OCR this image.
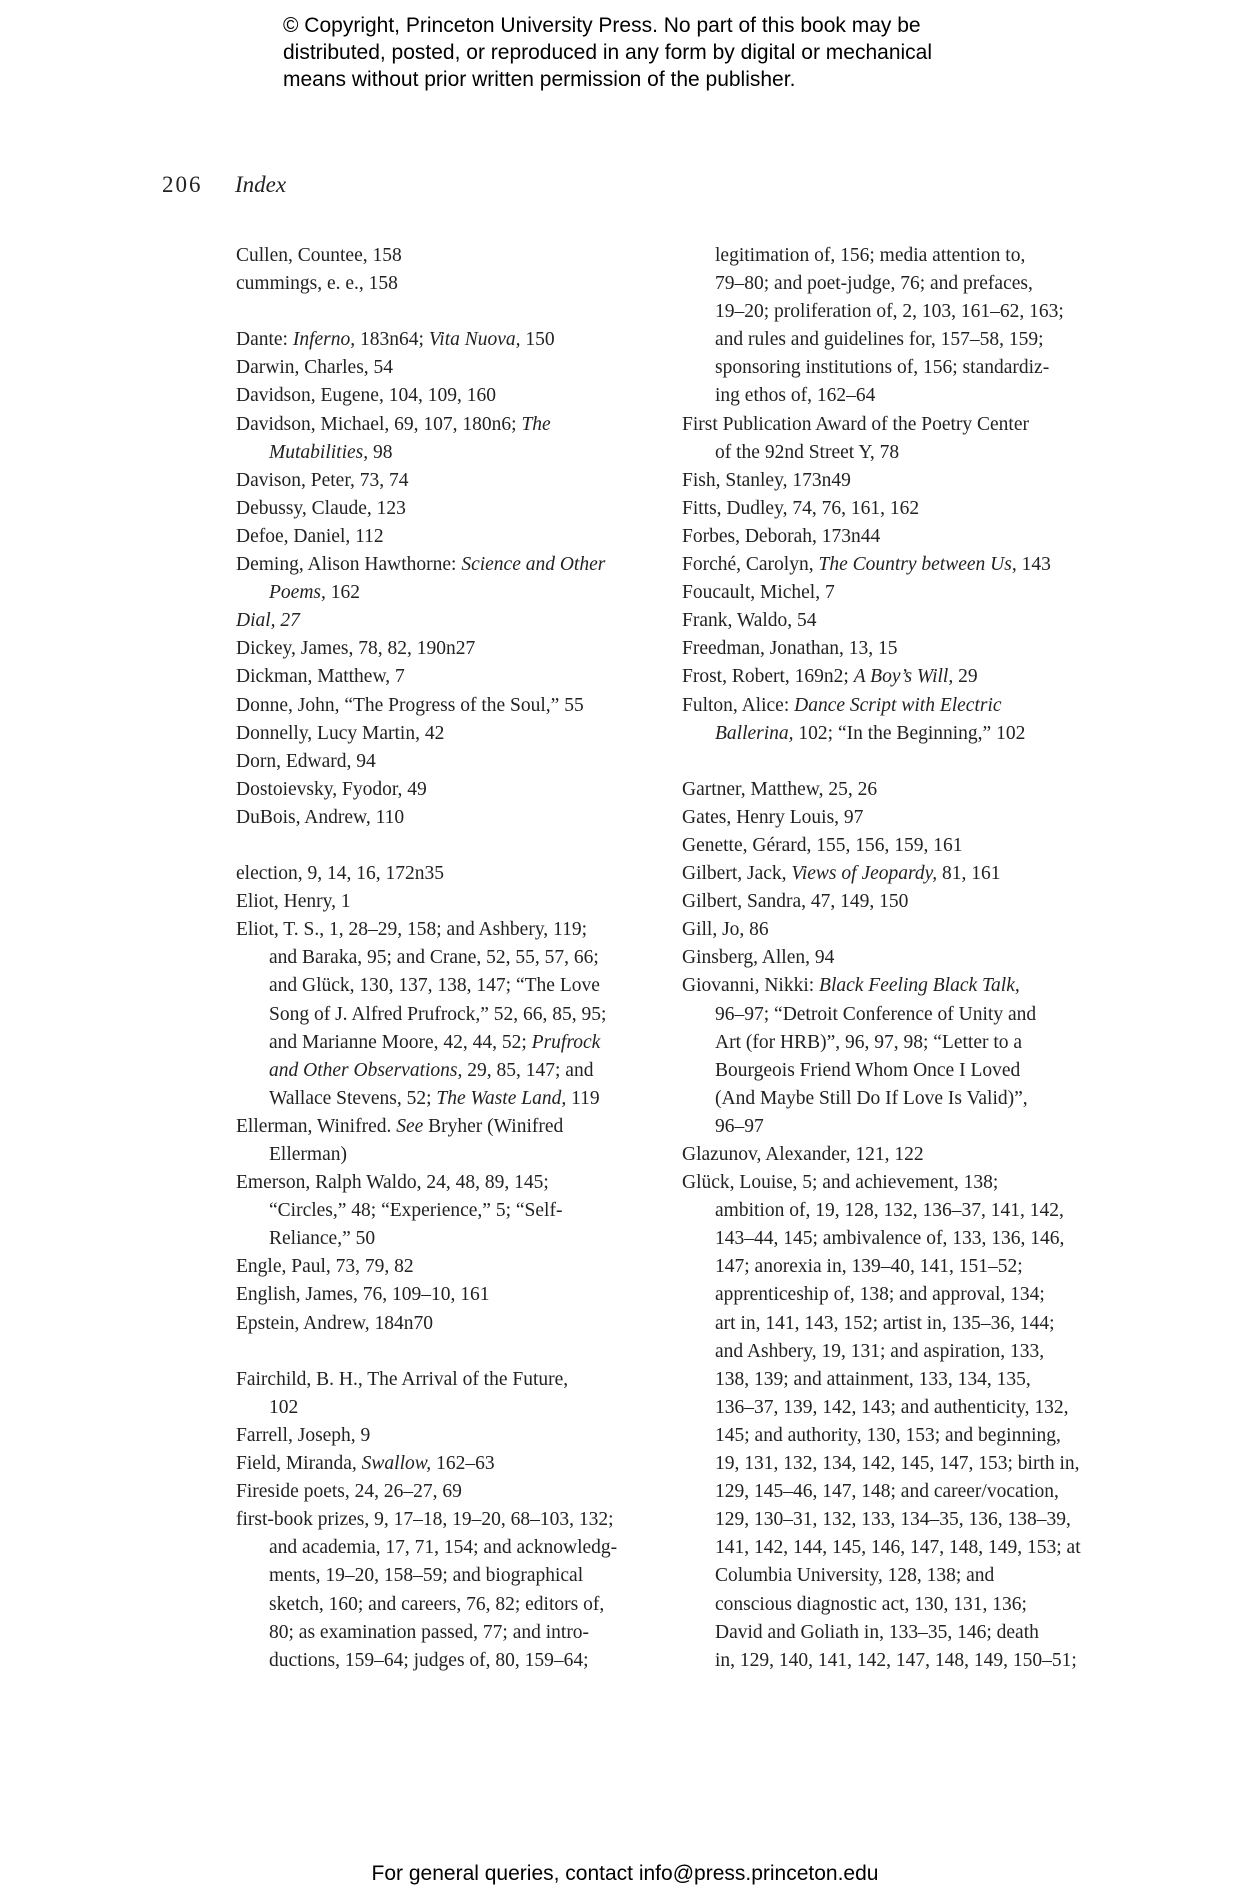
© Copyright, Princeton University Press. No part of this book may be
distributed, posted, or reproduced in any form by digital or mechanical
means without prior written permission of the publisher.
206 Index
Cullen, Countee, 158
cummings, e. e., 158
Dante: Inferno, 183n64; Vita Nuova, 150
Darwin, Charles, 54
Davidson, Eugene, 104, 109, 160
Davidson, Michael, 69, 107, 180n6; The
Mutabilities, 98
Davison, Peter, 73, 74
Debussy, Claude, 123
Defoe, Daniel, 112
Deming, Alison Hawthorne: Science and Other
Poems, 162
Dial, 27
Dickey, James, 78, 82, 190n27
Dickman, Matthew, 7
Donne, John, “The Progress of the Soul,” 55
Donnelly, Lucy Martin, 42
Dorn, Edward, 94
Dostoievsky, Fyodor, 49
DuBois, Andrew, 110
election, 9, 14, 16, 172n35
Eliot, Henry, 1
Eliot, T. S., 1, 28–29, 158; and Ashbery, 119;
and Baraka, 95; and Crane, 52, 55, 57, 66;
and Glück, 130, 137, 138, 147; “The Love
Song of J. Alfred Prufrock,” 52, 66, 85, 95;
and Marianne Moore, 42, 44, 52; Prufrock
and Other Observations, 29, 85, 147; and
Wallace Stevens, 52; The Waste Land, 119
Ellerman, Winifred. See Bryher (Winifred
Ellerman)
Emerson, Ralph Waldo, 24, 48, 89, 145;
“Circles,” 48; “Experience,” 5; “Self-
Reliance,” 50
Engle, Paul, 73, 79, 82
English, James, 76, 109–10, 161
Epstein, Andrew, 184n70
Fairchild, B. H., The Arrival of the Future,
102
Farrell, Joseph, 9
Field, Miranda, Swallow, 162–63
Fireside poets, 24, 26–27, 69
first-book prizes, 9, 17–18, 19–20, 68–103, 132;
and academia, 17, 71, 154; and acknowledg-
ments, 19–20, 158–59; and biographical
sketch, 160; and careers, 76, 82; editors of,
80; as examination passed, 77; and intro-
ductions, 159–64; judges of, 80, 159–64;
legitimation of, 156; media attention to,
79–80; and poet-judge, 76; and prefaces,
19–20; proliferation of, 2, 103, 161–62, 163;
and rules and guidelines for, 157–58, 159;
sponsoring institutions of, 156; standardiz-
ing ethos of, 162–64
First Publication Award of the Poetry Center
of the 92nd Street Y, 78
Fish, Stanley, 173n49
Fitts, Dudley, 74, 76, 161, 162
Forbes, Deborah, 173n44
Forché, Carolyn, The Country between Us, 143
Foucault, Michel, 7
Frank, Waldo, 54
Freedman, Jonathan, 13, 15
Frost, Robert, 169n2; A Boy’s Will, 29
Fulton, Alice: Dance Script with Electric
Ballerina, 102; “In the Beginning,” 102
Gartner, Matthew, 25, 26
Gates, Henry Louis, 97
Genette, Gérard, 155, 156, 159, 161
Gilbert, Jack, Views of Jeopardy, 81, 161
Gilbert, Sandra, 47, 149, 150
Gill, Jo, 86
Ginsberg, Allen, 94
Giovanni, Nikki: Black Feeling Black Talk,
96–97; “Detroit Conference of Unity and
Art (for HRB)”, 96, 97, 98; “Letter to a
Bourgeois Friend Whom Once I Loved
(And Maybe Still Do If Love Is Valid)”,
96–97
Glazunov, Alexander, 121, 122
Glück, Louise, 5; and achievement, 138;
ambition of, 19, 128, 132, 136–37, 141, 142,
143–44, 145; ambivalence of, 133, 136, 146,
147; anorexia in, 139–40, 141, 151–52;
apprenticeship of, 138; and approval, 134;
art in, 141, 143, 152; artist in, 135–36, 144;
and Ashbery, 19, 131; and aspiration, 133,
138, 139; and attainment, 133, 134, 135,
136–37, 139, 142, 143; and authenticity, 132,
145; and authority, 130, 153; and beginning,
19, 131, 132, 134, 142, 145, 147, 153; birth in,
129, 145–46, 147, 148; and career/vocation,
129, 130–31, 132, 133, 134–35, 136, 138–39,
141, 142, 144, 145, 146, 147, 148, 149, 153; at
Columbia University, 128, 138; and
conscious diagnostic act, 130, 131, 136;
David and Goliath in, 133–35, 146; death
in, 129, 140, 141, 142, 147, 148, 149, 150–51;
For general queries, contact info@press.princeton.edu
